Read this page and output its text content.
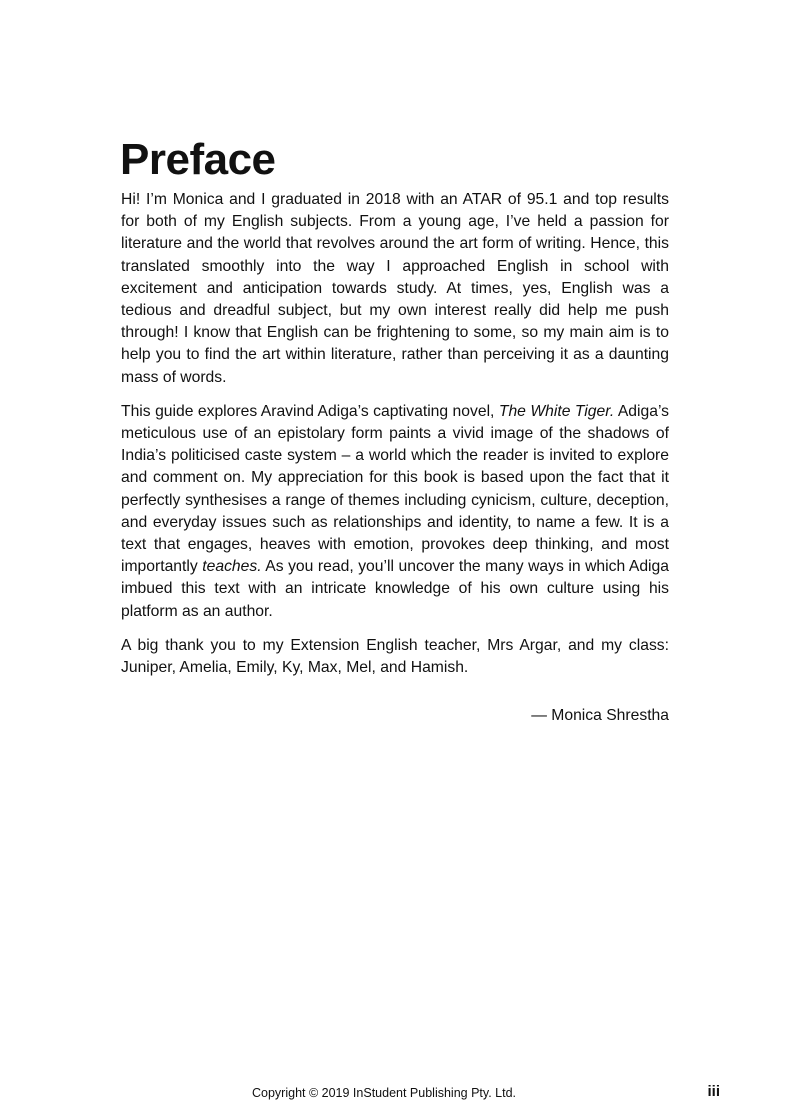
Preface

Hi! I’m Monica and I graduated in 2018 with an ATAR of 95.1 and top results for both of my English subjects. From a young age, I’ve held a passion for literature and the world that revolves around the art form of writing. Hence, this translated smoothly into the way I approached English in school with excitement and anticipation towards study. At times, yes, English was a tedious and dreadful subject, but my own interest really did help me push through! I know that English can be frightening to some, so my main aim is to help you to find the art within literature, rather than perceiving it as a daunting mass of words.

This guide explores Aravind Adiga’s captivating novel, The White Tiger. Adiga’s meticulous use of an epistolary form paints a vivid image of the shadows of India’s politicised caste system – a world which the reader is invited to explore and comment on. My appreciation for this book is based upon the fact that it perfectly synthesises a range of themes including cynicism, culture, deception, and everyday issues such as relationships and identity, to name a few. It is a text that engages, heaves with emotion, provokes deep thinking, and most importantly teaches. As you read, you’ll uncover the many ways in which Adiga imbued this text with an intricate knowledge of his own culture using his platform as an author.

A big thank you to my Extension English teacher, Mrs Argar, and my class: Juniper, Amelia, Emily, Ky, Max, Mel, and Hamish.

— Monica Shrestha
Copyright © 2019 InStudent Publishing Pty. Ltd.	iii
